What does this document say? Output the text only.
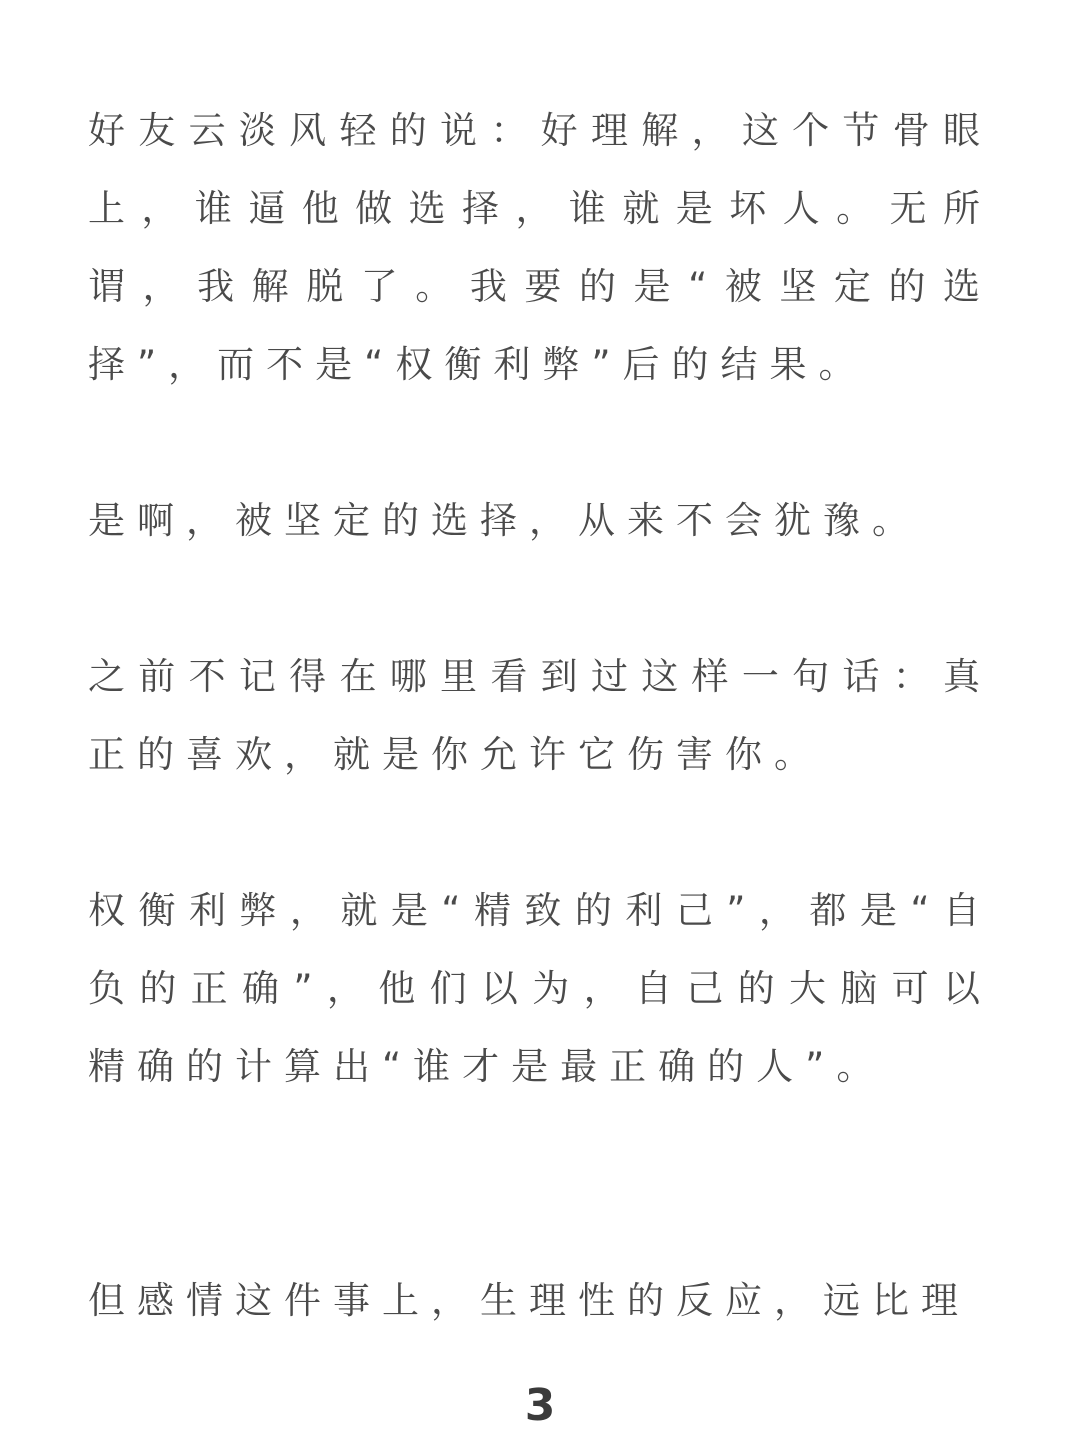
好友云淡风轻的说：好理解，这个节骨眼上，谁逼他做选择，谁就是坏人。无所谓，我解脱了。我要的是“被坚定的选择”，而不是“权衡利弊”后的结果。

是啊，被坚定的选择，从来不会犹豫。

之前不记得在哪里看到过这样一句话：真正的喜欢，就是你允许它伤害你。

权衡利弊，就是“精致的利己”，都是“自负的正确”，他们以为，自己的大脑可以精确的计算出“谁才是最正确的人”。

但感情这件事上，生理性的反应，远比理

3
